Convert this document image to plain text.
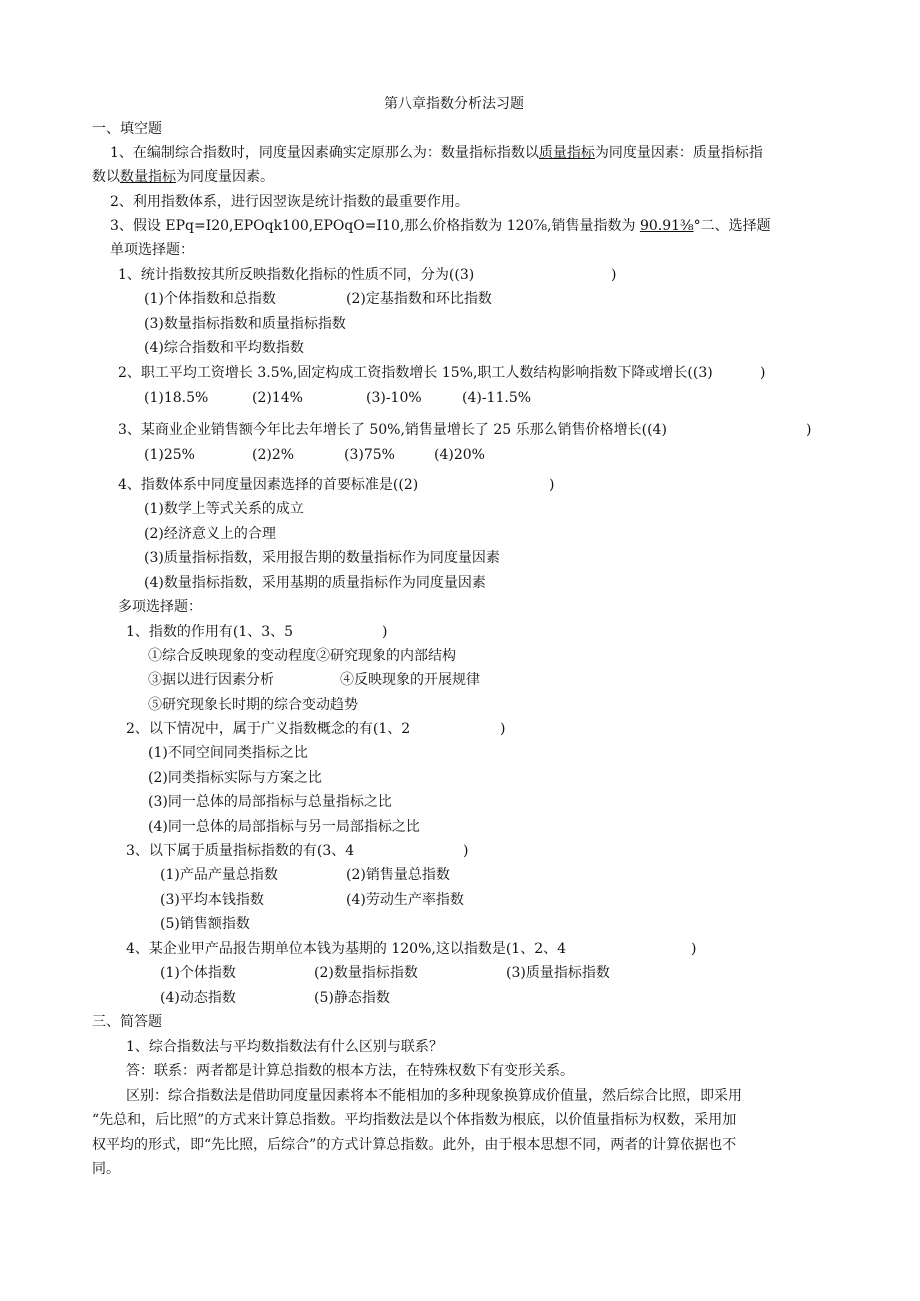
第八章指数分析法习题
一、填空题
1、在编制综合指数时，同度量因素确实定原那么为：数量指标指数以质量指标为同度量因素：质量指标指
数以数量指标为同度量因素。
2、利用指数体系，进行因翌诙是统计指数的最重要作用。
3、假设 EPq=I20,EPOqk100,EPOqO=I10,那么价格指数为 120⅞,销售量指数为 90.91⅜°二、选择题
单项选择题：
1、统计指数按其所反映指数化指标的性质不同，分为((3)	)
(1)个体指数和总指数	(2)定基指数和环比指数
(3)数量指标指数和质量指标指数
(4)综合指数和平均数指数
2、职工平均工资增长 3.5%,固定构成工资指数增长 15%,职工人数结构影响指数下降或增长((3)	)
(1)18.5%	(2)14%	(3)-10%	(4)-11.5%
3、某商业企业销售额今年比去年增长了 50%,销售量增长了 25 乐那么销售价格增长((4)	)
(1)25%	(2)2%	(3)75%	(4)20%
4、指数体系中同度量因素选择的首要标准是((2)	)
(1)数学上等式关系的成立
(2)经济意义上的合理
(3)质量指标指数，采用报告期的数量指标作为同度量因素
(4)数量指标指数，采用基期的质量指标作为同度量因素
多项选择题：
1、指数的作用有(1、3、5	)
①综合反映现象的变动程度②研究现象的内部结构
③据以进行因素分析	④反映现象的开展规律
⑤研究现象长时期的综合变动趋势
2、以下情况中，属于广义指数概念的有(1、2	)
(1)不同空间同类指标之比
(2)同类指标实际与方案之比
(3)同一总体的局部指标与总量指标之比
(4)同一总体的局部指标与另一局部指标之比
3、以下属于质量指标指数的有(3、4	)
(1)产品产量总指数	(2)销售量总指数
(3)平均本钱指数	(4)劳动生产率指数
(5)销售额指数
4、某企业甲产品报告期单位本钱为基期的 120%,这以指数是(1、2、4	)
(1)个体指数	(2)数量指标指数	(3)质量指标指数
(4)动态指数	(5)静态指数
三、简答题
1、综合指数法与平均数指数法有什么区别与联系？
答：联系：两者都是计算总指数的根本方法，在特殊权数下有变形关系。
区别：综合指数法是借助同度量因素将本不能相加的多种现象换算成价值量，然后综合比照，即采用
“先总和，后比照”的方式来计算总指数。平均指数法是以个体指数为根底，以价值量指标为权数，采用加
权平均的形式，即“先比照，后综合”的方式计算总指数。此外，由于根本思想不同，两者的计算依据也不
同。
